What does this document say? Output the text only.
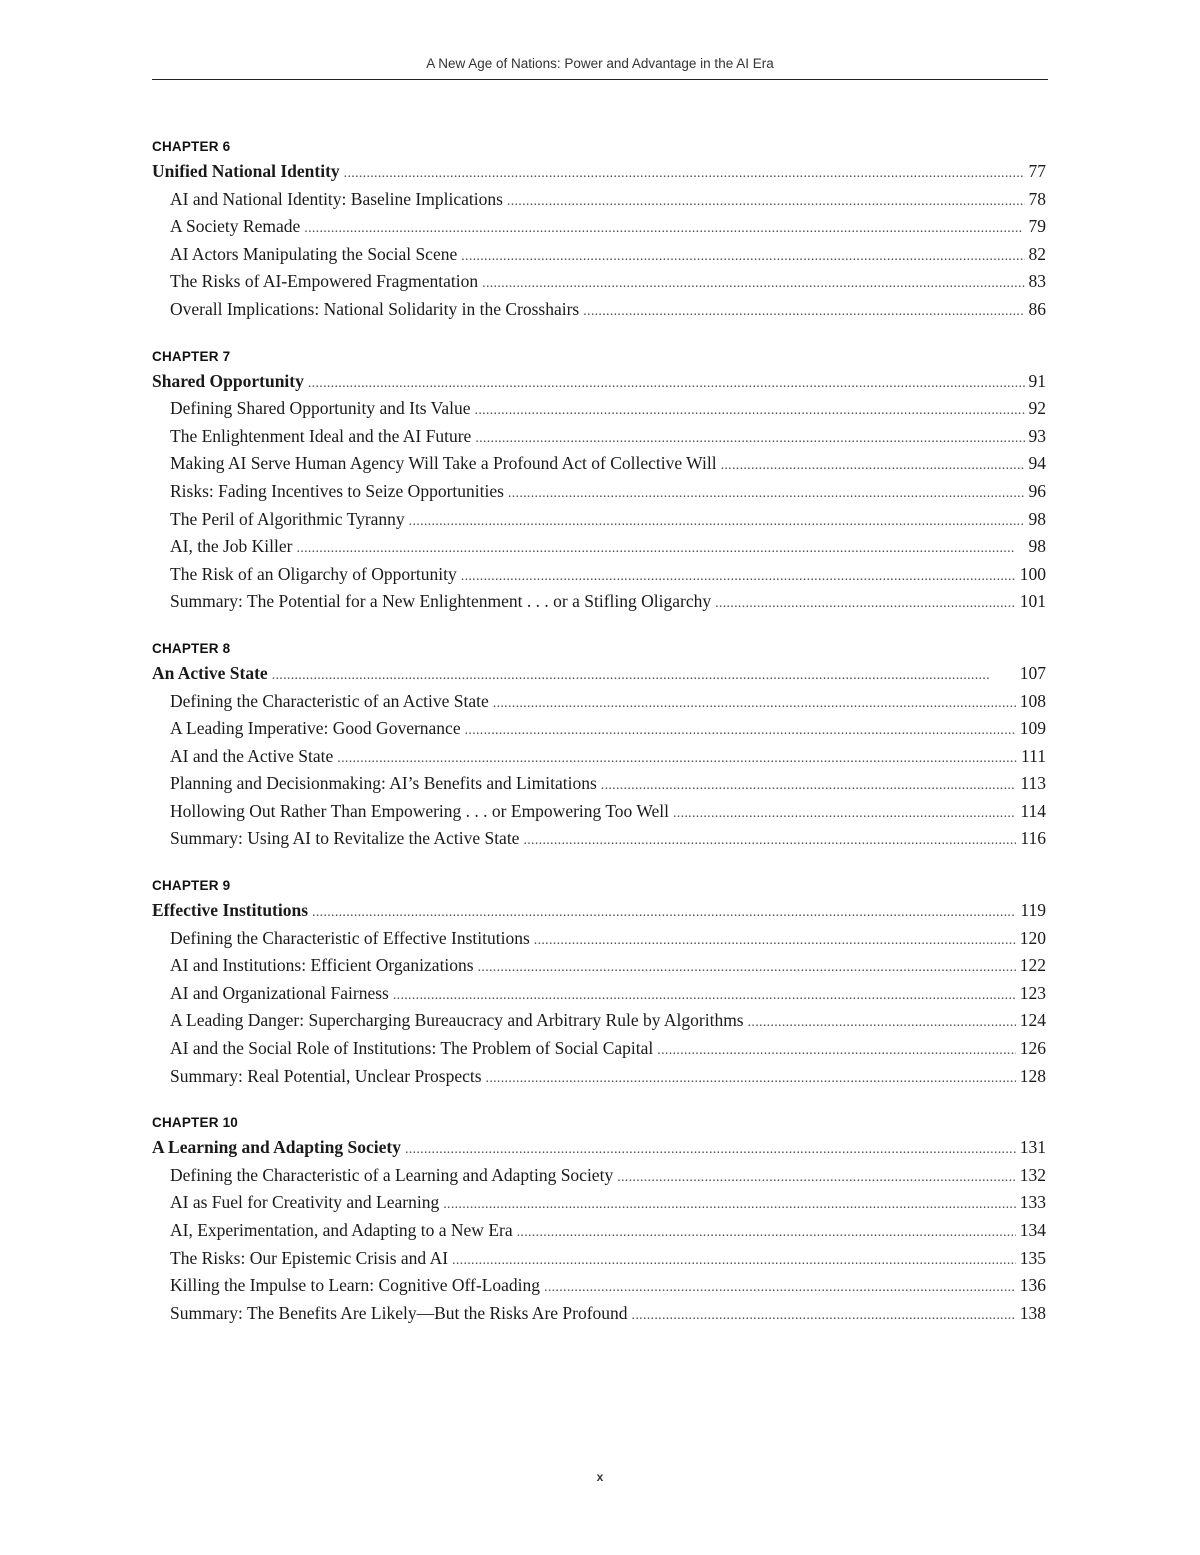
A New Age of Nations: Power and Advantage in the AI Era
CHAPTER 6
Unified National Identity . . .	77
AI and National Identity: Baseline Implications . . .	78
A Society Remade . . .	79
AI Actors Manipulating the Social Scene . . .	82
The Risks of AI-Empowered Fragmentation . . .	83
Overall Implications: National Solidarity in the Crosshairs . . .	86
CHAPTER 7
Shared Opportunity . . .	91
Defining Shared Opportunity and Its Value . . .	92
The Enlightenment Ideal and the AI Future . . .	93
Making AI Serve Human Agency Will Take a Profound Act of Collective Will . . .	94
Risks: Fading Incentives to Seize Opportunities . . .	96
The Peril of Algorithmic Tyranny . . .	98
AI, the Job Killer . . .	98
The Risk of an Oligarchy of Opportunity . . .	100
Summary: The Potential for a New Enlightenment . . . or a Stifling Oligarchy . . .	101
CHAPTER 8
An Active State . . .	107
Defining the Characteristic of an Active State . . .	108
A Leading Imperative: Good Governance . . .	109
AI and the Active State . . .	111
Planning and Decisionmaking: AI’s Benefits and Limitations . . .	113
Hollowing Out Rather Than Empowering . . . or Empowering Too Well . . .	114
Summary: Using AI to Revitalize the Active State . . .	116
CHAPTER 9
Effective Institutions . . .	119
Defining the Characteristic of Effective Institutions . . .	120
AI and Institutions: Efficient Organizations . . .	122
AI and Organizational Fairness . . .	123
A Leading Danger: Supercharging Bureaucracy and Arbitrary Rule by Algorithms . . .	124
AI and the Social Role of Institutions: The Problem of Social Capital . . .	126
Summary: Real Potential, Unclear Prospects . . .	128
CHAPTER 10
A Learning and Adapting Society . . .	131
Defining the Characteristic of a Learning and Adapting Society . . .	132
AI as Fuel for Creativity and Learning . . .	133
AI, Experimentation, and Adapting to a New Era . . .	134
The Risks: Our Epistemic Crisis and AI . . .	135
Killing the Impulse to Learn: Cognitive Off-Loading . . .	136
Summary: The Benefits Are Likely—But the Risks Are Profound . . .	138
x
